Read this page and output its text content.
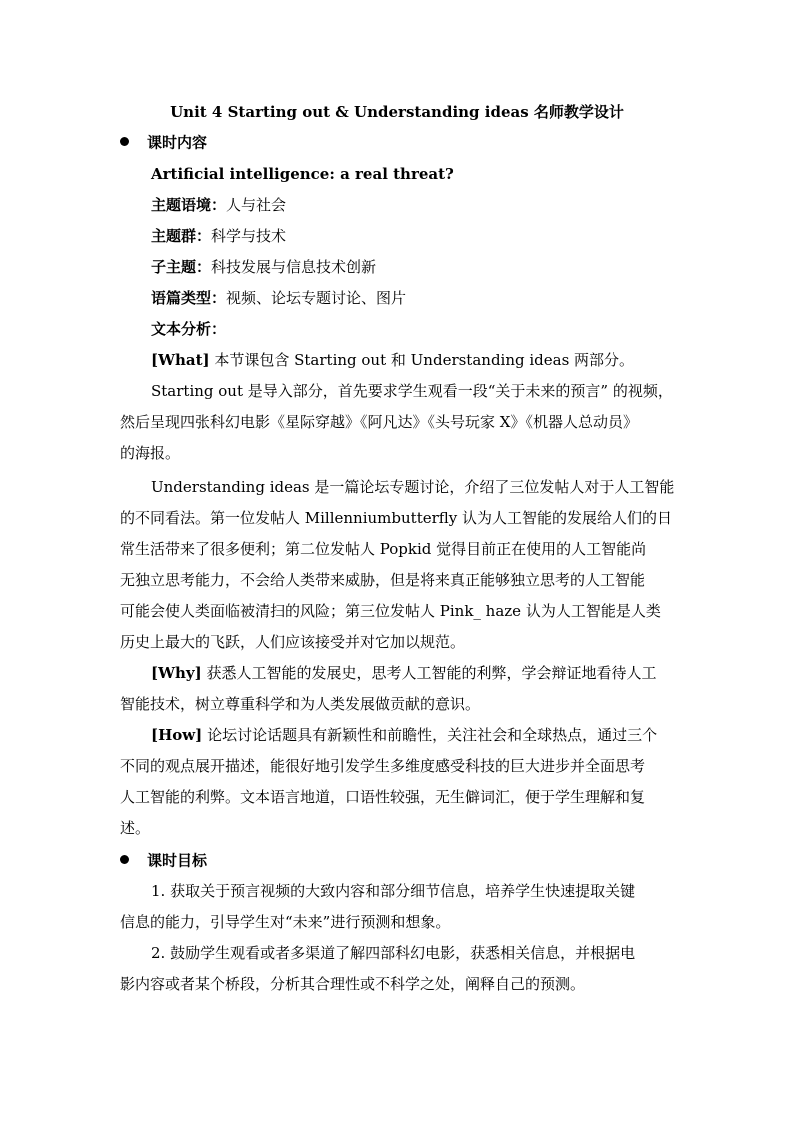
Unit 4 Starting out & Understanding ideas 名师教学设计
课时内容
Artificial intelligence: a real threat?
主题语境：人与社会
主题群：科学与技术
子主题：科技发展与信息技术创新
语篇类型：视频、论坛专题讨论、图片
文本分析：
[What] 本节课包含 Starting out 和 Understanding ideas 两部分。
Starting out 是导入部分，首先要求学生观看一段“关于未来的预言” 的视频，
然后呈现四张科幻电影《星际穿越》《阿凡达》《头号玩家 X》《机器人总动员》
的海报。
Understanding ideas 是一篇论坛专题讨论，介绍了三位发帖人对于人工智能
的不同看法。第一位发帖人 Millenniumbutterfly 认为人工智能的发展给人们的日
常生活带来了很多便利；第二位发帖人 Popkid 觉得目前正在使用的人工智能尚
无独立思考能力，不会给人类带来威胁，但是将来真正能够独立思考的人工智能
可能会使人类面临被清扫的风险；第三位发帖人 Pink_ haze 认为人工智能是人类
历史上最大的飞跃，人们应该接受并对它加以规范。
[Why] 获悉人工智能的发展史，思考人工智能的利弊，学会辩证地看待人工
智能技术，树立尊重科学和为人类发展做贡献的意识。
[How] 论坛讨论话题具有新颖性和前瞻性，关注社会和全球热点，通过三个
不同的观点展开描述，能很好地引发学生多维度感受科技的巨大进步并全面思考
人工智能的利弊。文本语言地道，口语性较强，无生僻词汇，便于学生理解和复
述。
课时目标
1. 获取关于预言视频的大致内容和部分细节信息，培养学生快速提取关键
信息的能力，引导学生对“未来”进行预测和想象。
2. 鼓励学生观看或者多渠道了解四部科幻电影，获悉相关信息，并根据电
影内容或者某个桥段，分析其合理性或不科学之处，阐释自己的预测。
